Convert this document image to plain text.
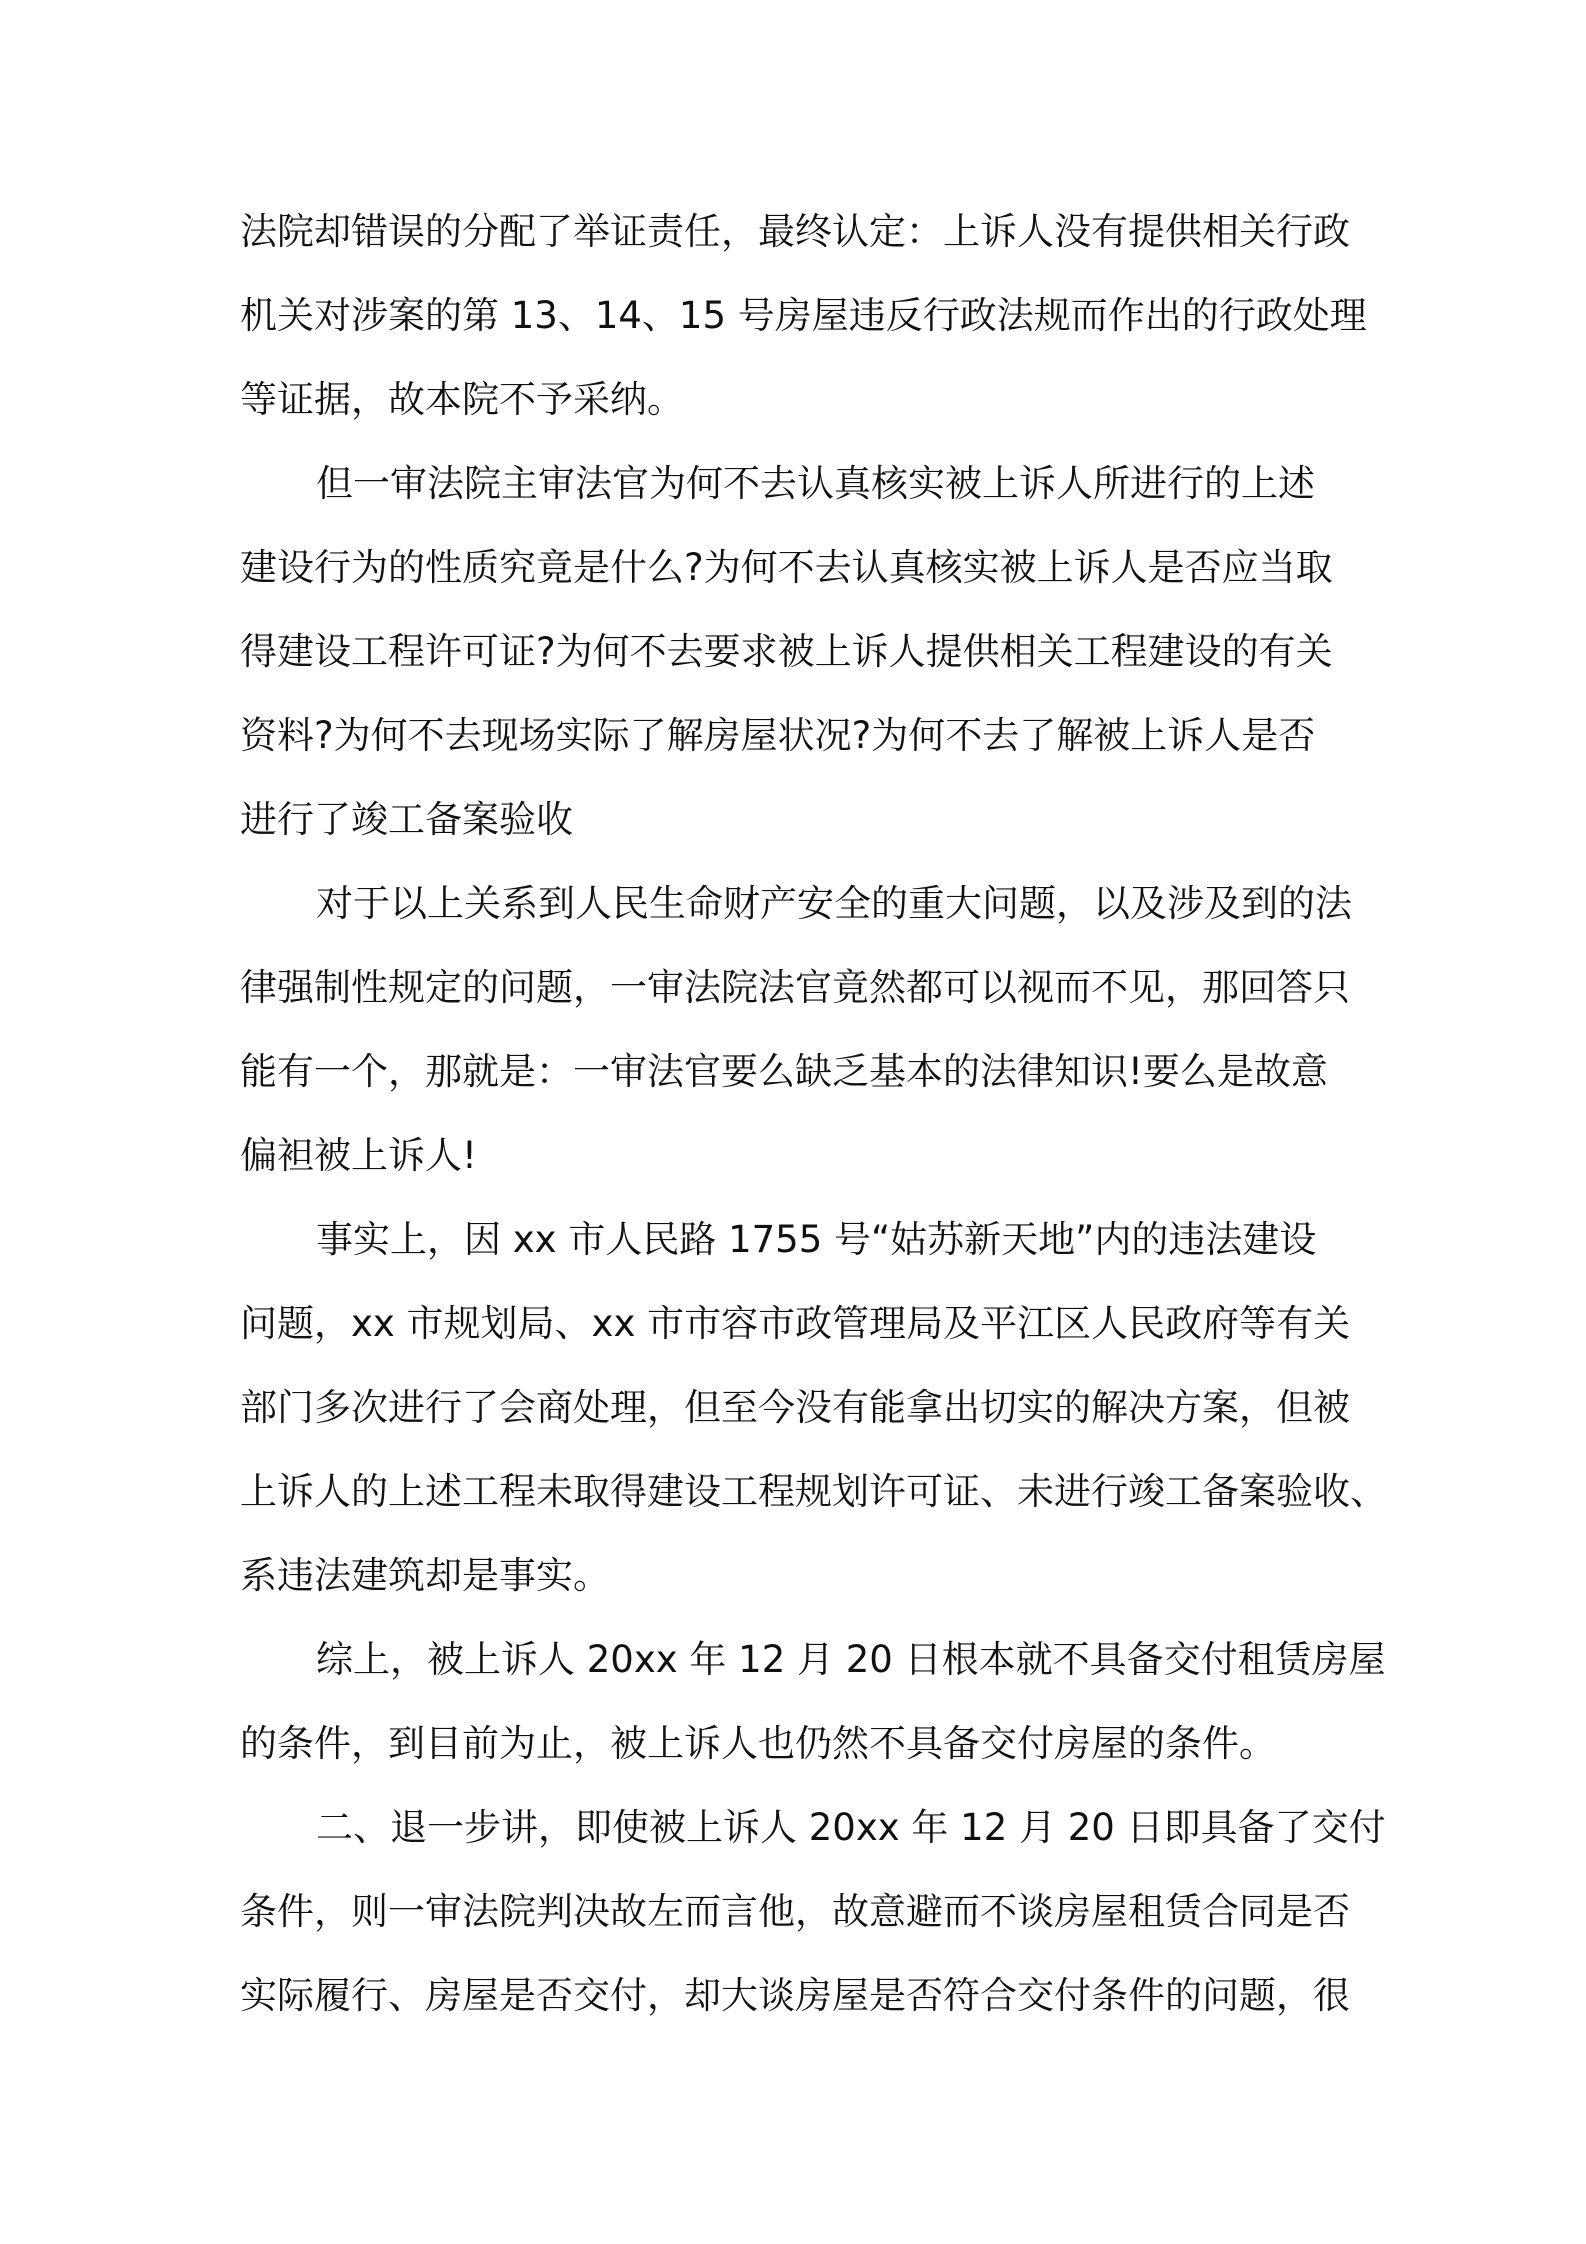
法院却错误的分配了举证责任，最终认定：上诉人没有提供相关行政
机关对涉案的第 13、14、15 号房屋违反行政法规而作出的行政处理
等证据，故本院不予采纳。
但一审法院主审法官为何不去认真核实被上诉人所进行的上述
建设行为的性质究竟是什么?为何不去认真核实被上诉人是否应当取
得建设工程许可证?为何不去要求被上诉人提供相关工程建设的有关
资料?为何不去现场实际了解房屋状况?为何不去了解被上诉人是否
进行了竣工备案验收
对于以上关系到人民生命财产安全的重大问题，以及涉及到的法
律强制性规定的问题，一审法院法官竟然都可以视而不见，那回答只
能有一个，那就是：一审法官要么缺乏基本的法律知识!要么是故意
偏袒被上诉人!
事实上，因 xx 市人民路 1755 号“姑苏新天地”内的违法建设
问题，xx 市规划局、xx 市市容市政管理局及平江区人民政府等有关
部门多次进行了会商处理，但至今没有能拿出切实的解决方案，但被
上诉人的上述工程未取得建设工程规划许可证、未进行竣工备案验收、
系违法建筑却是事实。
综上，被上诉人 20xx 年 12 月 20 日根本就不具备交付租赁房屋
的条件，到目前为止，被上诉人也仍然不具备交付房屋的条件。
二、退一步讲，即使被上诉人 20xx 年 12 月 20 日即具备了交付
条件，则一审法院判决故左而言他，故意避而不谈房屋租赁合同是否
实际履行、房屋是否交付，却大谈房屋是否符合交付条件的问题，很
